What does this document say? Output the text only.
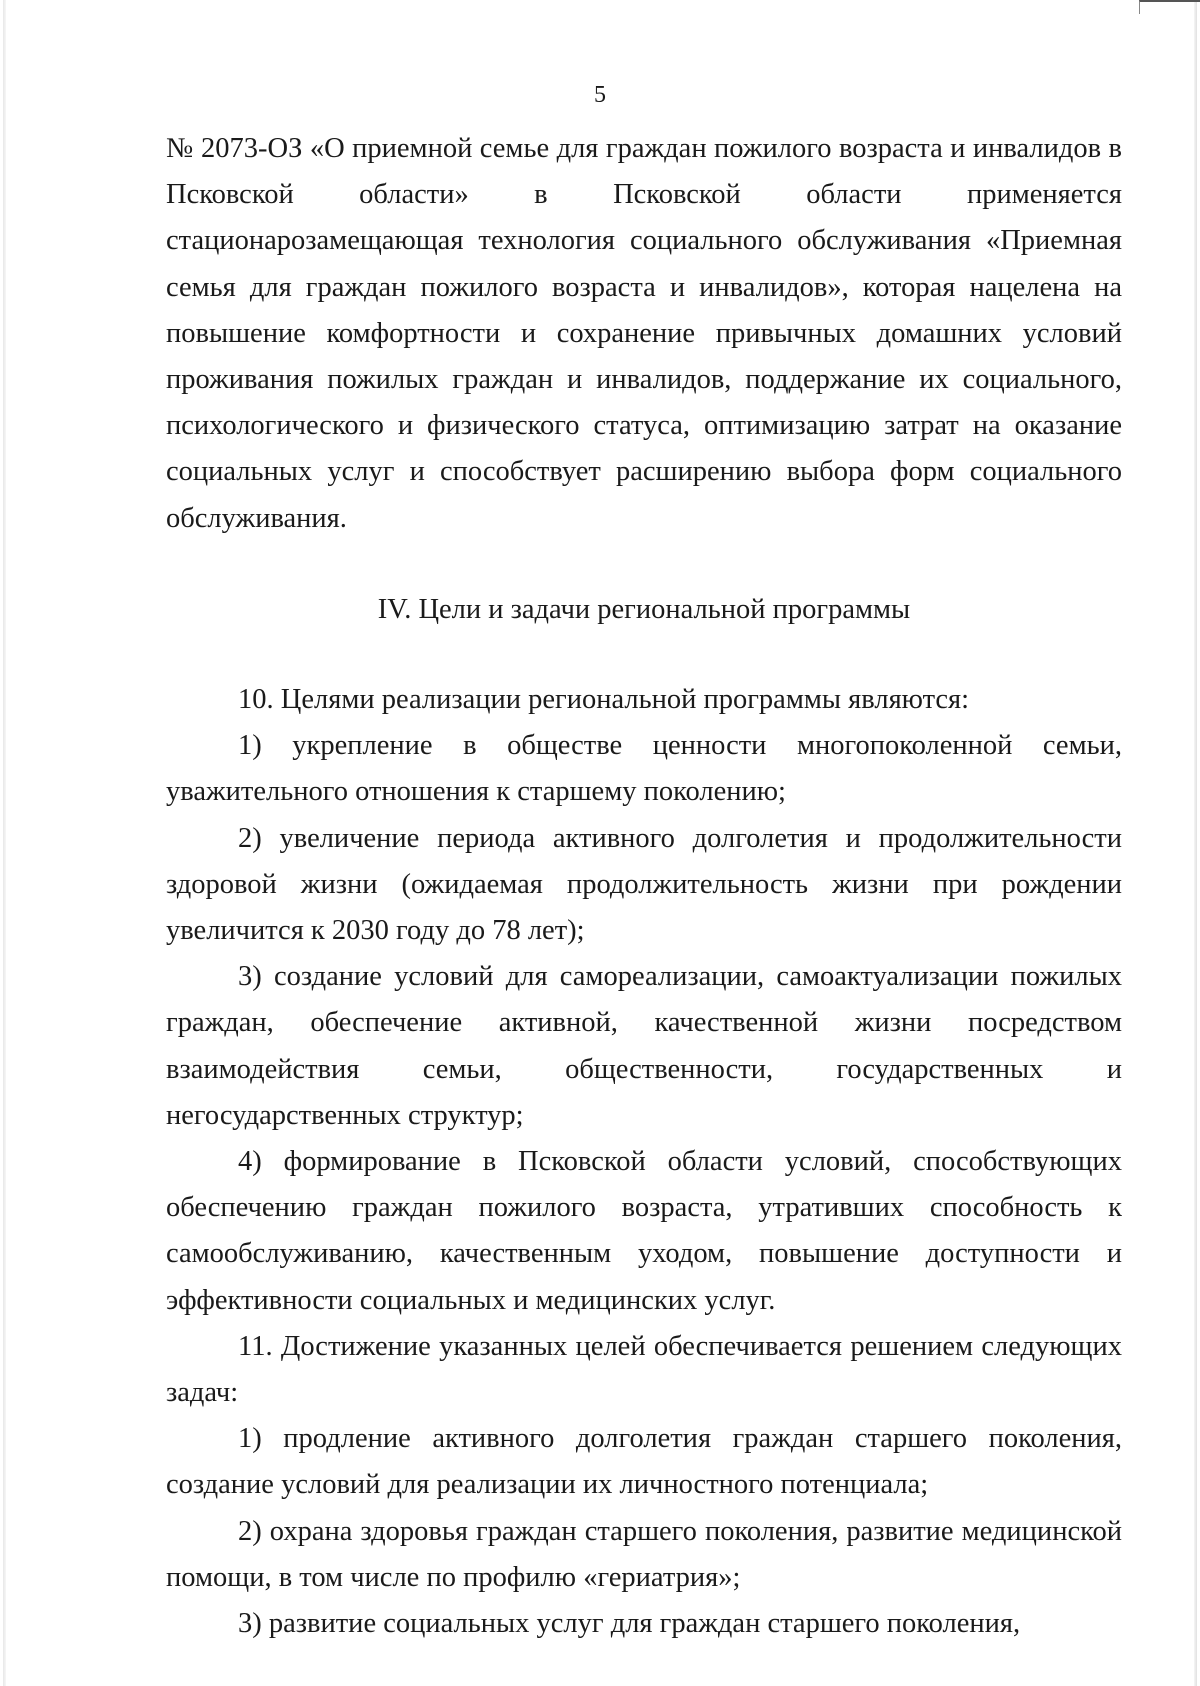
5

№ 2073-ОЗ «О приемной семье для граждан пожилого возраста и инвалидов в Псковской области» в Псковской области применяется стационарозамещающая технология социального обслуживания «Приемная семья для граждан пожилого возраста и инвалидов», которая нацелена на повышение комфортности и сохранение привычных домашних условий проживания пожилых граждан и инвалидов, поддержание их социального, психологического и физического статуса, оптимизацию затрат на оказание социальных услуг и способствует расширению выбора форм социального обслуживания.

IV. Цели и задачи региональной программы

10. Целями реализации региональной программы являются:

1) укрепление в обществе ценности многопоколенной семьи, уважительного отношения к старшему поколению;

2) увеличение периода активного долголетия и продолжительности здоровой жизни (ожидаемая продолжительность жизни при рождении увеличится к 2030 году до 78 лет);

3) создание условий для самореализации, самоактуализации пожилых граждан, обеспечение активной, качественной жизни посредством взаимодействия семьи, общественности, государственных и негосударственных структур;

4) формирование в Псковской области условий, способствующих обеспечению граждан пожилого возраста, утративших способность к самообслуживанию, качественным уходом, повышение доступности и эффективности социальных и медицинских услуг.

11. Достижение указанных целей обеспечивается решением следующих задач:

1) продление активного долголетия граждан старшего поколения, создание условий для реализации их личностного потенциала;

2) охрана здоровья граждан старшего поколения, развитие медицинской помощи, в том числе по профилю «гериатрия»;

3) развитие социальных услуг для граждан старшего поколения,
